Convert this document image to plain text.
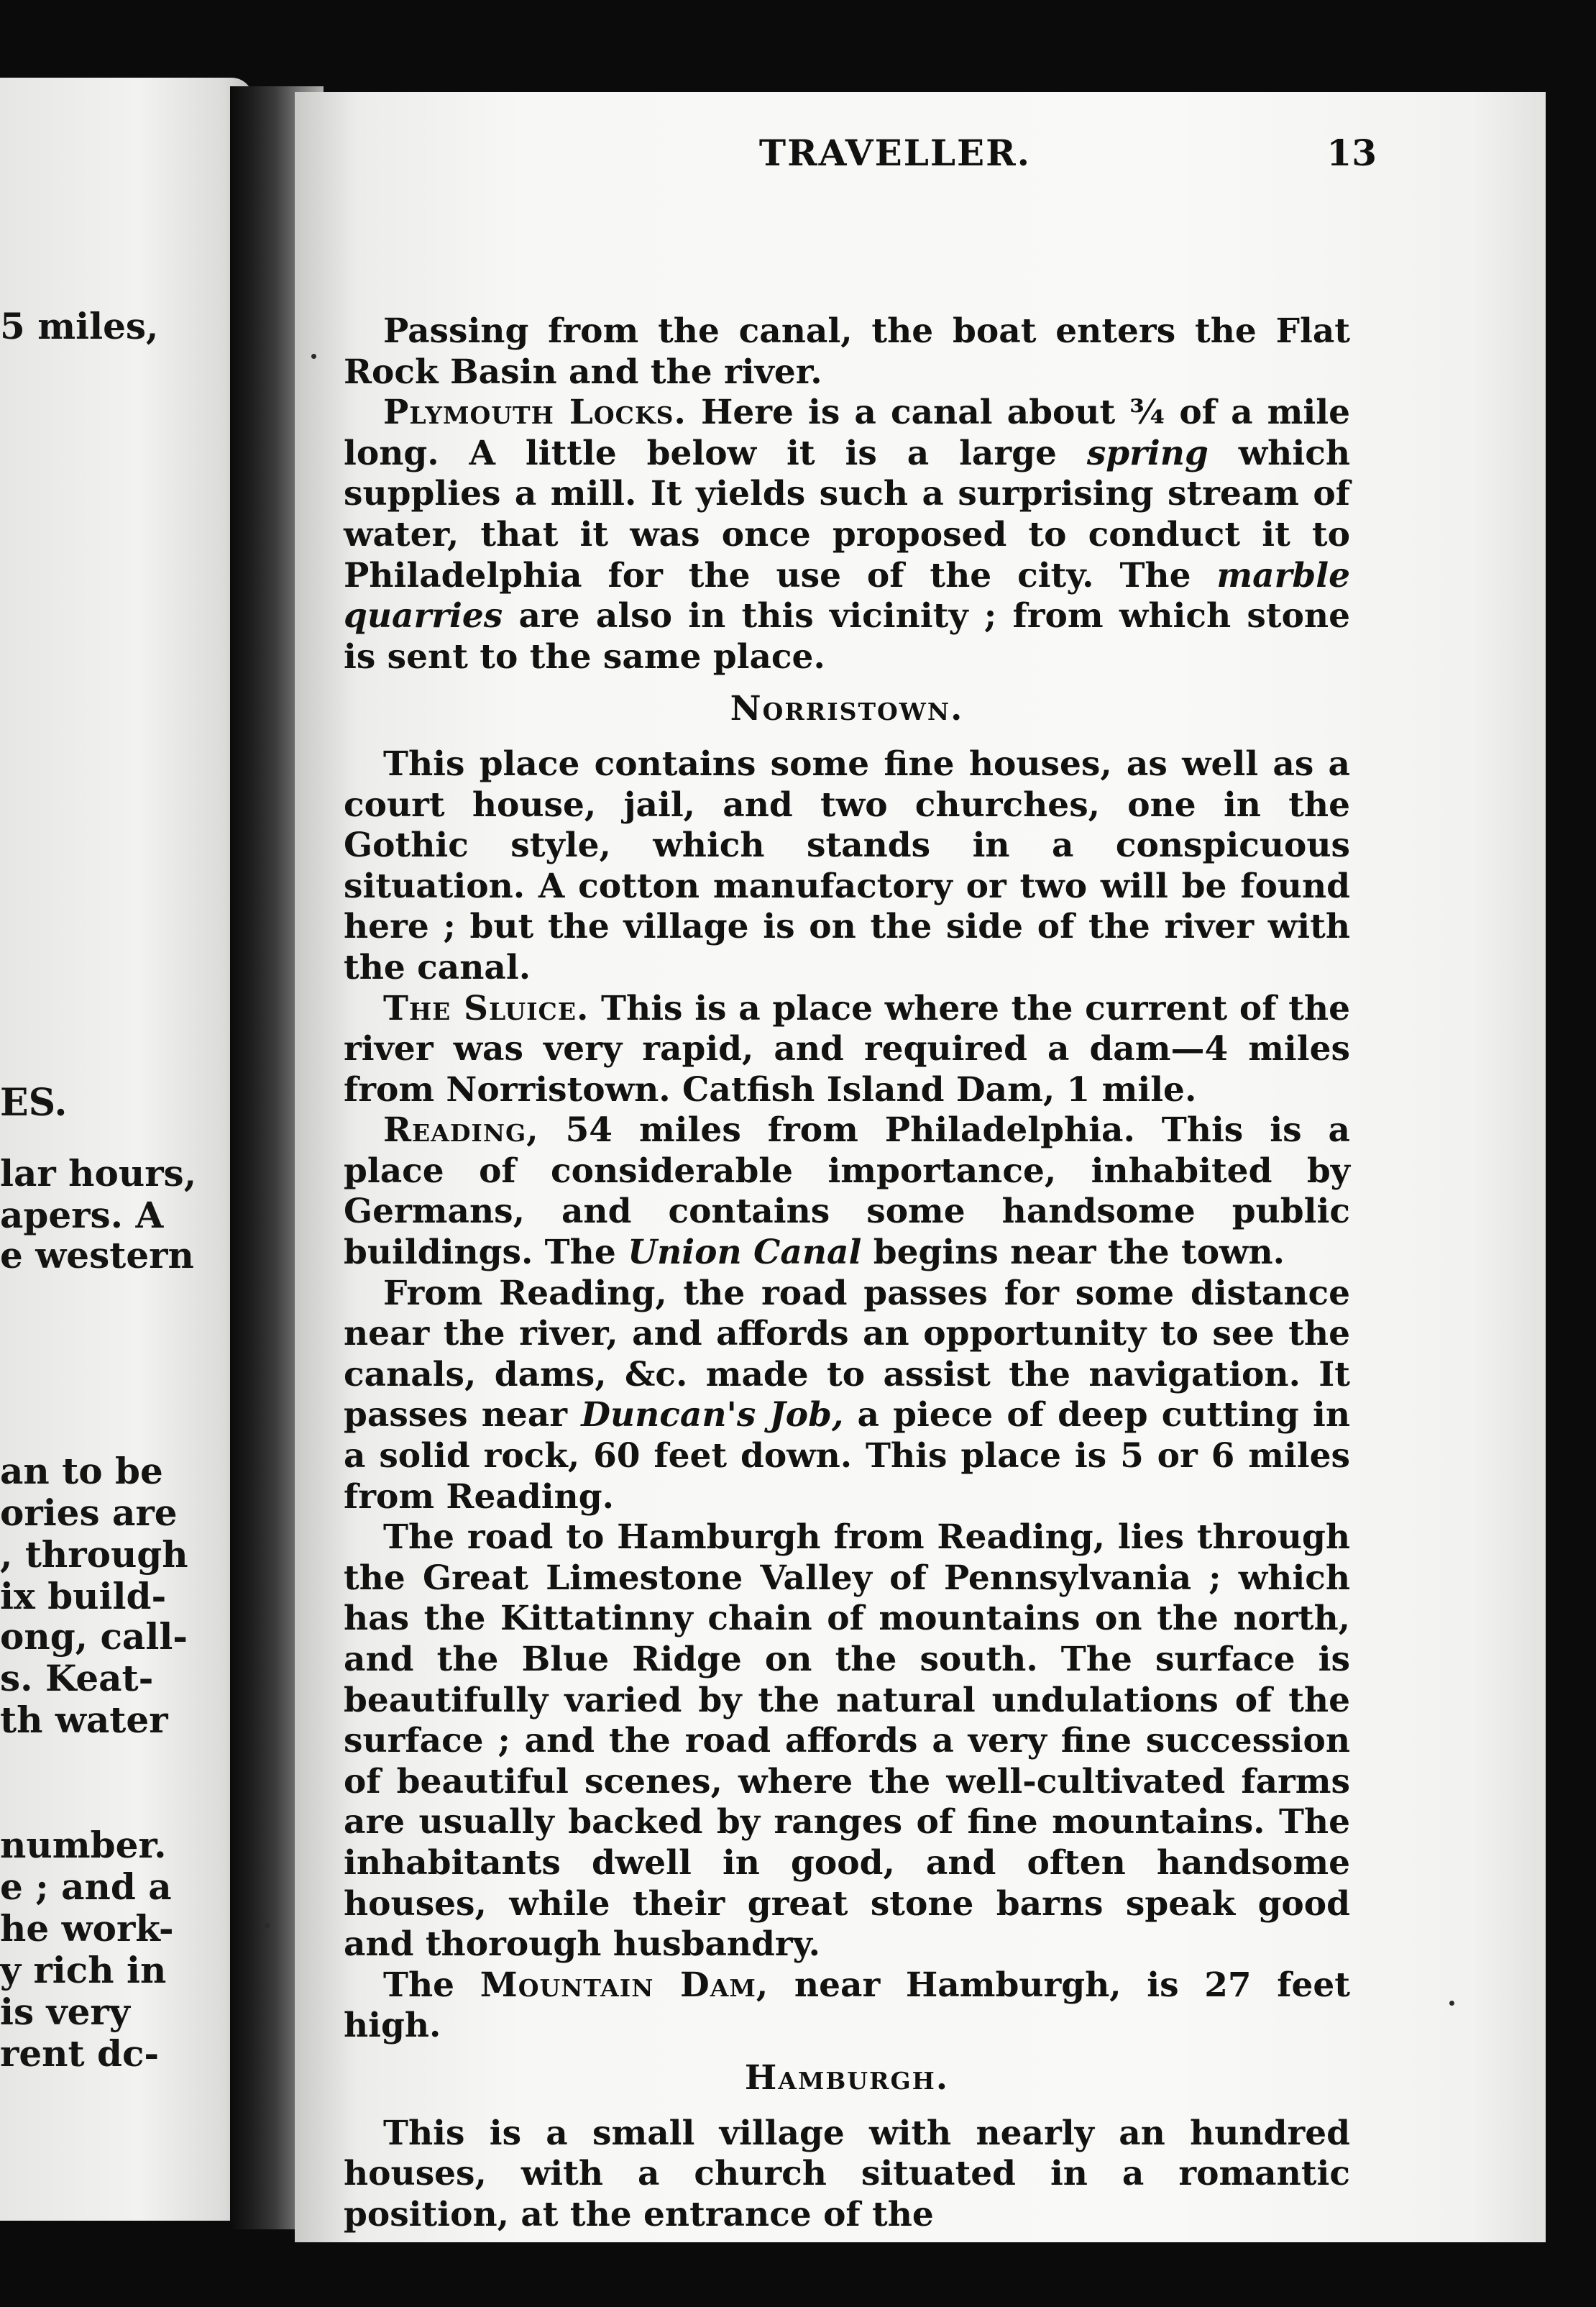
5 miles,
ES.
lar hours,
apers. A
e western
an to be
ories are
, through
ix build-
ong, call-
s. Keat-
th water
number.
e ; and a
he work-
y rich in
is very
rent dc-
TRAVELLER.	13

Passing from the canal, the boat enters the Flat Rock Basin and the river.

Plymouth Locks. Here is a canal about ¾ of a mile long. A little below it is a large spring which supplies a mill. It yields such a surprising stream of water, that it was once proposed to conduct it to Philadelphia for the use of the city. The marble quarries are also in this vicinity ; from which stone is sent to the same place.

Norristown.

This place contains some fine houses, as well as a court house, jail, and two churches, one in the Gothic style, which stands in a conspicuous situation. A cotton manufactory or two will be found here ; but the village is on the side of the river with the canal.

The Sluice. This is a place where the current of the river was very rapid, and required a dam—4 miles from Norristown. Catfish Island Dam, 1 mile.

Reading, 54 miles from Philadelphia. This is a place of considerable importance, inhabited by Germans, and contains some handsome public buildings. The Union Canal begins near the town.

From Reading, the road passes for some distance near the river, and affords an opportunity to see the canals, dams, &c. made to assist the navigation. It passes near Duncan's Job, a piece of deep cutting in a solid rock, 60 feet down. This place is 5 or 6 miles from Reading.

The road to Hamburgh from Reading, lies through the Great Limestone Valley of Pennsylvania ; which has the Kittatinny chain of mountains on the north, and the Blue Ridge on the south. The surface is beautifully varied by the natural undulations of the surface ; and the road affords a very fine succession of beautiful scenes, where the well-cultivated farms are usually backed by ranges of fine mountains. The inhabitants dwell in good, and often handsome houses, while their great stone barns speak good and thorough husbandry.

The Mountain Dam, near Hamburgh, is 27 feet high.

Hamburgh.

This is a small village with nearly an hundred houses, with a church situated in a romantic position, at the entrance of the
